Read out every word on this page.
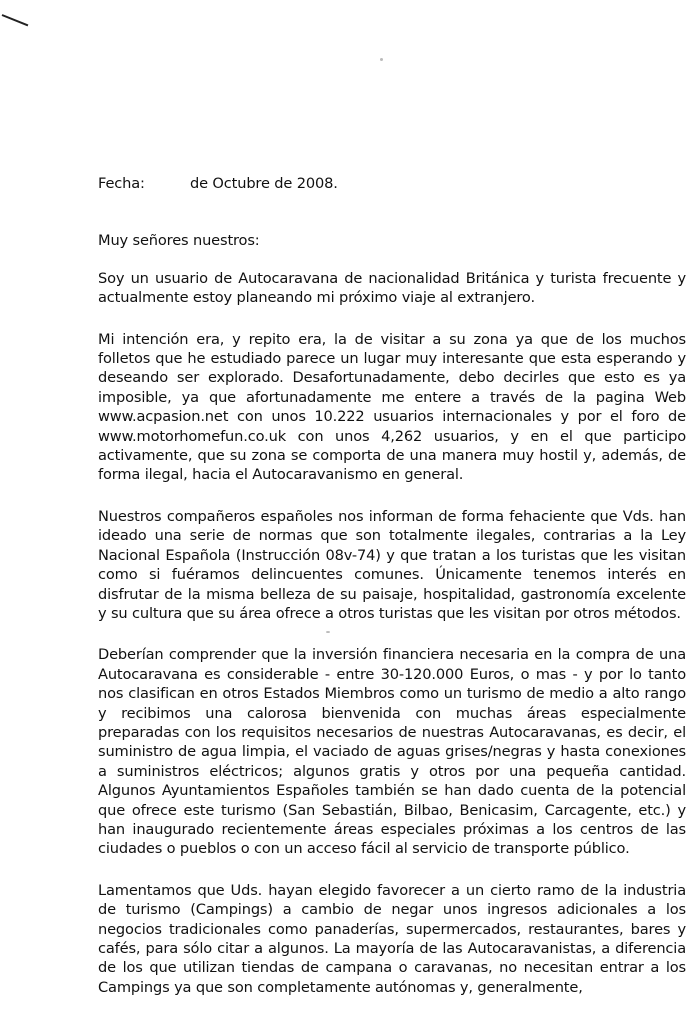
Fecha:	de Octubre de 2008.

Muy señores nuestros:

Soy un usuario de Autocaravana de nacionalidad Británica y turista frecuente y actualmente estoy planeando mi próximo viaje al extranjero.

Mi intención era, y repito era, la de visitar a su zona ya que de los muchos folletos que he estudiado parece un lugar muy interesante que esta esperando y deseando ser explorado. Desafortunadamente, debo decirles que esto es ya imposible, ya que afortunadamente me entere a través de la pagina Web www.acpasion.net con unos 10.222 usuarios internacionales y por el foro de www.motorhomefun.co.uk con unos 4,262 usuarios, y en el que participo activamente, que su zona se comporta de una manera muy hostil y, además, de forma ilegal, hacia el Autocaravanismo en general.

Nuestros compañeros españoles nos informan de forma fehaciente que Vds. han ideado una serie de normas que son totalmente ilegales, contrarias a la Ley Nacional Española (Instrucción 08v-74) y que tratan a los turistas que les visitan como si fuéramos delincuentes comunes. Únicamente tenemos interés en disfrutar de la misma belleza de su paisaje, hospitalidad, gastronomía excelente y su cultura que su área ofrece a otros turistas que les visitan por otros métodos.

Deberían comprender que la inversión financiera necesaria en la compra de una Autocaravana es considerable - entre 30-120.000 Euros, o mas - y por lo tanto nos clasifican en otros Estados Miembros como un turismo de medio a alto rango y recibimos una calorosa bienvenida con muchas áreas especialmente preparadas con los requisitos necesarios de nuestras Autocaravanas, es decir, el suministro de agua limpia, el vaciado de aguas grises/negras y hasta conexiones a suministros eléctricos; algunos gratis y otros por una pequeña cantidad. Algunos Ayuntamientos Españoles también se han dado cuenta de la potencial que ofrece este turismo (San Sebastián, Bilbao, Benicasim, Carcagente, etc.) y han inaugurado recientemente áreas especiales próximas a los centros de las ciudades o pueblos o con un acceso fácil al servicio de transporte público.

Lamentamos que Uds. hayan elegido favorecer a un cierto ramo de la industria de turismo (Campings) a cambio de negar unos ingresos adicionales a los negocios tradicionales como panaderías, supermercados, restaurantes, bares y cafés, para sólo citar a algunos. La mayoría de las Autocaravanistas, a diferencia de los que utilizan tiendas de campana o caravanas, no necesitan entrar a los Campings ya que son completamente autónomas y, generalmente,
